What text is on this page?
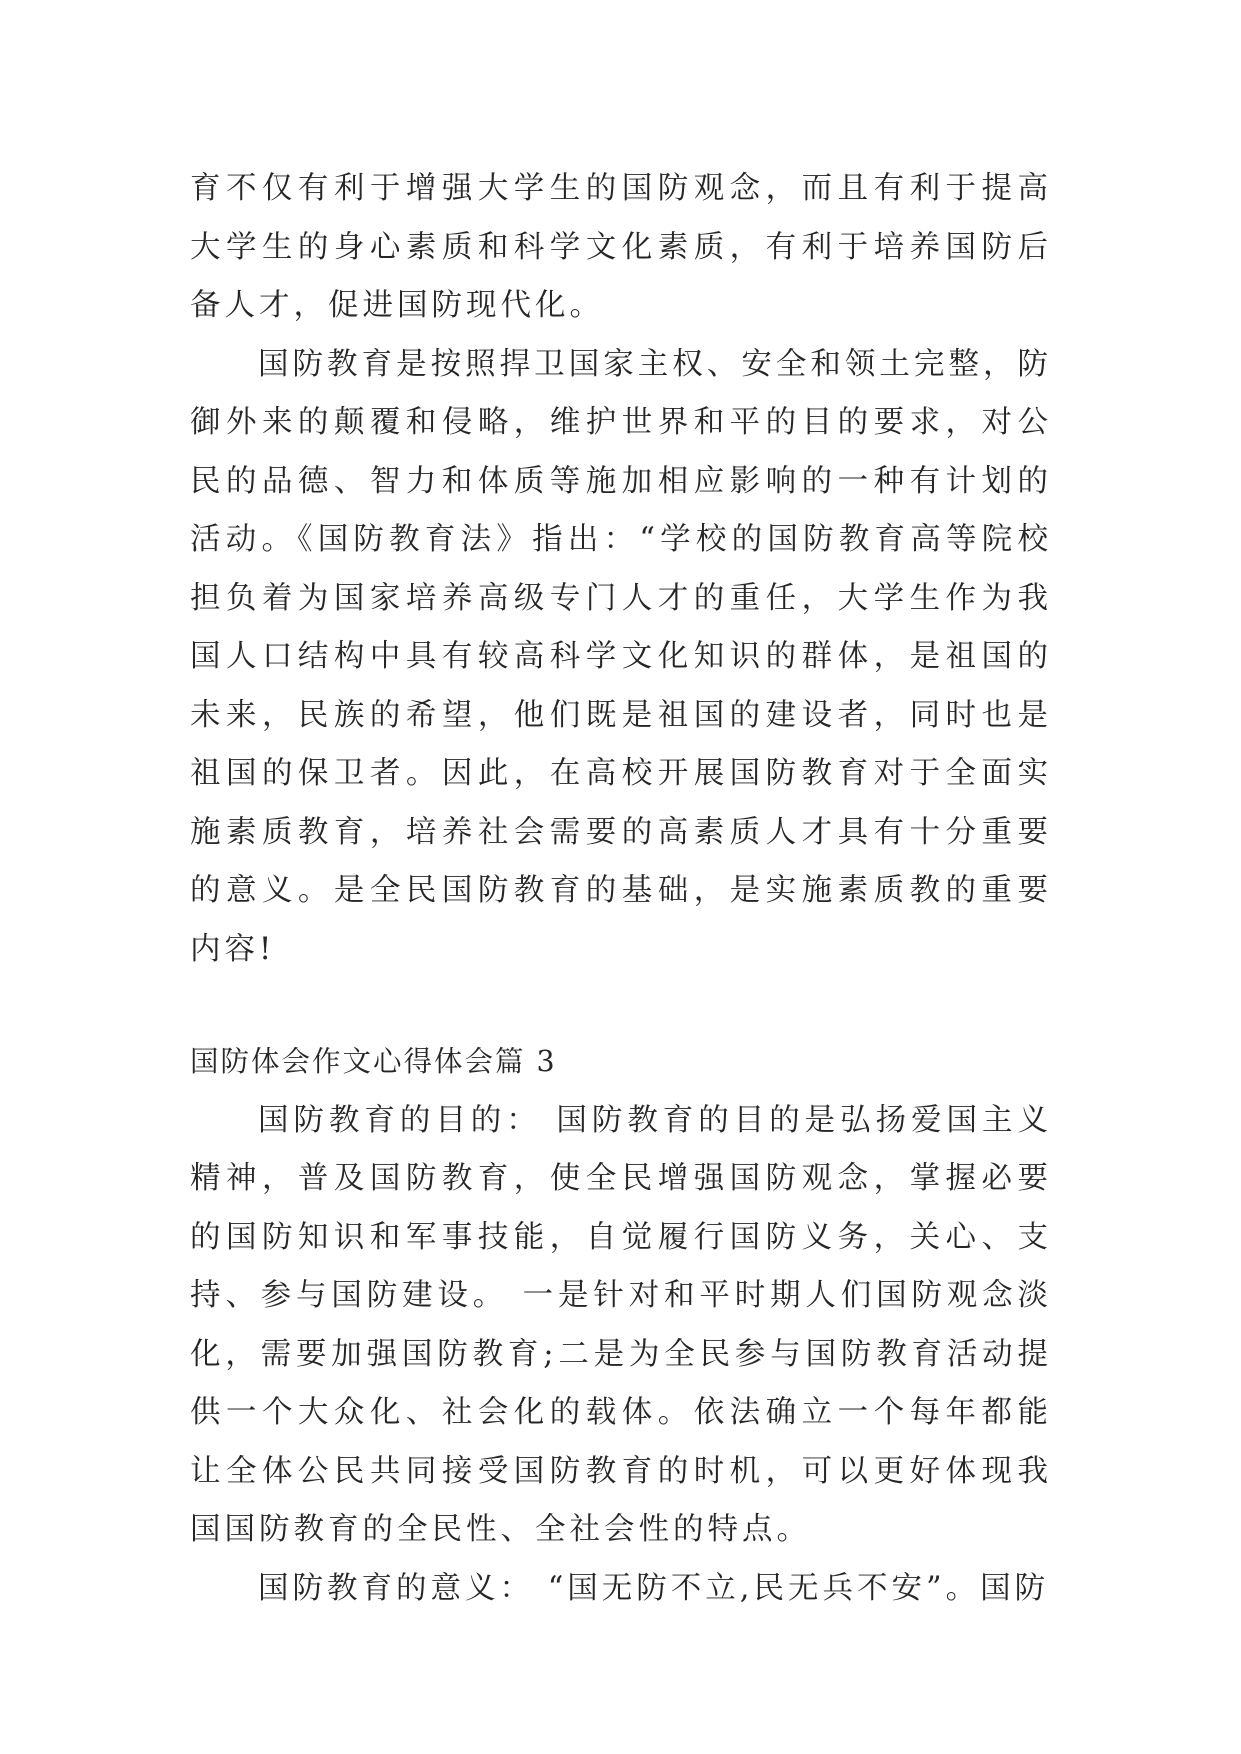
育不仅有利于增强大学生的国防观念，而且有利于提高大学生的身心素质和科学文化素质，有利于培养国防后备人才，促进国防现代化。

国防教育是按照捍卫国家主权、安全和领土完整，防御外来的颠覆和侵略，维护世界和平的目的要求，对公民的品德、智力和体质等施加相应影响的一种有计划的活动。《国防教育法》指出：“学校的国防教育高等院校担负着为国家培养高级专门人才的重任，大学生作为我国人口结构中具有较高科学文化知识的群体，是祖国的未来，民族的希望，他们既是祖国的建设者，同时也是祖国的保卫者。因此，在高校开展国防教育对于全面实施素质教育，培养社会需要的高素质人才具有十分重要的意义。是全民国防教育的基础，是实施素质教的重要内容!

国防体会作文心得体会篇 3

国防教育的目的： 国防教育的目的是弘扬爱国主义精神，普及国防教育，使全民增强国防观念，掌握必要的国防知识和军事技能，自觉履行国防义务，关心、支持、参与国防建设。 一是针对和平时期人们国防观念淡化，需要加强国防教育;二是为全民参与国防教育活动提供一个大众化、社会化的载体。依法确立一个每年都能让全体公民共同接受国防教育的时机，可以更好体现我国国防教育的全民性、全社会性的特点。

国防教育的意义： “国无防不立,民无兵不安”。国防
